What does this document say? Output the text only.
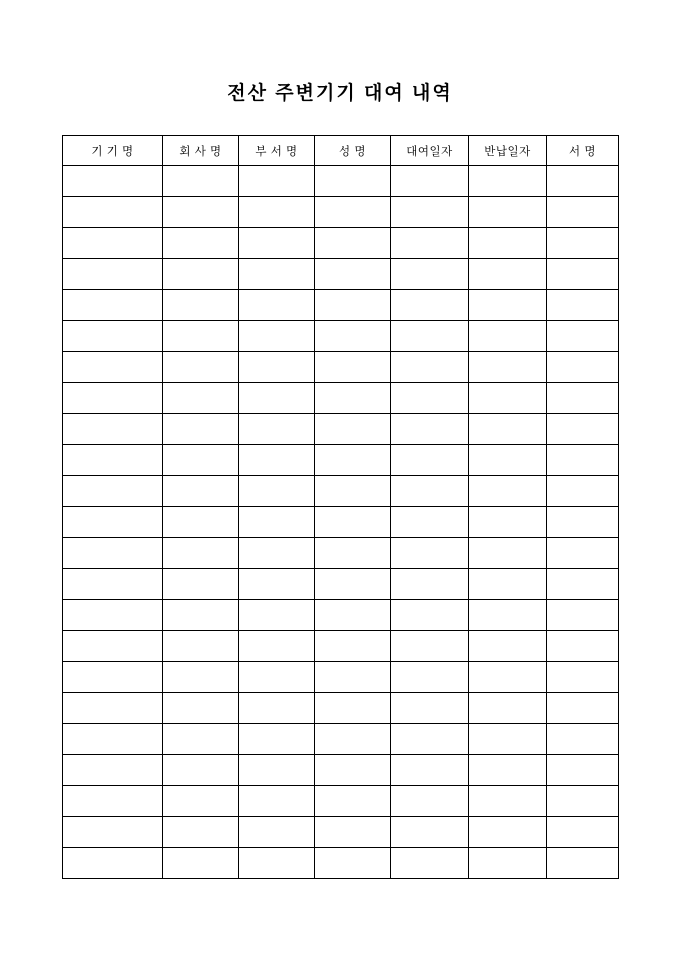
전산 주변기기 대여 내역
기 기 명	회 사 명	부 서 명	성 명	대여일자	반납일자	서 명
